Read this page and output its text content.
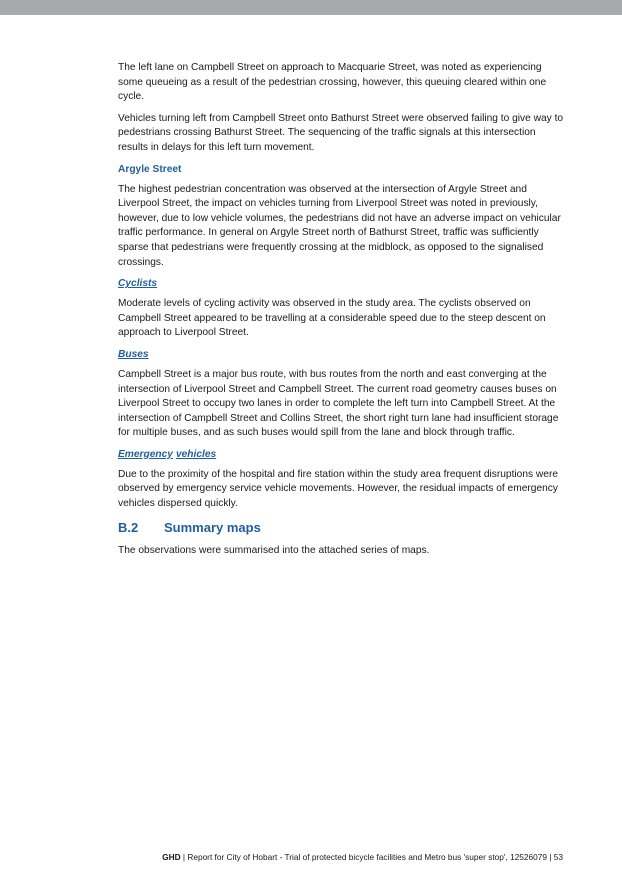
The left lane on Campbell Street on approach to Macquarie Street, was noted as experiencing some queueing as a result of the pedestrian crossing, however, this queuing cleared within one cycle.

Vehicles turning left from Campbell Street onto Bathurst Street were observed failing to give way to pedestrians crossing Bathurst Street. The sequencing of the traffic signals at this intersection results in delays for this left turn movement.

Argyle Street

The highest pedestrian concentration was observed at the intersection of Argyle Street and Liverpool Street, the impact on vehicles turning from Liverpool Street was noted in previously, however, due to low vehicle volumes, the pedestrians did not have an adverse impact on vehicular traffic performance. In general on Argyle Street north of Bathurst Street, traffic was sufficiently sparse that pedestrians were frequently crossing at the midblock, as opposed to the signalised crossings.

Cyclists

Moderate levels of cycling activity was observed in the study area. The cyclists observed on Campbell Street appeared to be travelling at a considerable speed due to the steep descent on approach to Liverpool Street.

Buses

Campbell Street is a major bus route, with bus routes from the north and east converging at the intersection of Liverpool Street and Campbell Street. The current road geometry causes buses on Liverpool Street to occupy two lanes in order to complete the left turn into Campbell Street. At the intersection of Campbell Street and Collins Street, the short right turn lane had insufficient storage for multiple buses, and as such buses would spill from the lane and block through traffic.

Emergency vehicles

Due to the proximity of the hospital and fire station within the study area frequent disruptions were observed by emergency service vehicle movements. However, the residual impacts of emergency vehicles dispersed quickly.

B.2 Summary maps

The observations were summarised into the attached series of maps.

GHD | Report for City of Hobart - Trial of protected bicycle facilities and Metro bus 'super stop', 12526079 | 53
